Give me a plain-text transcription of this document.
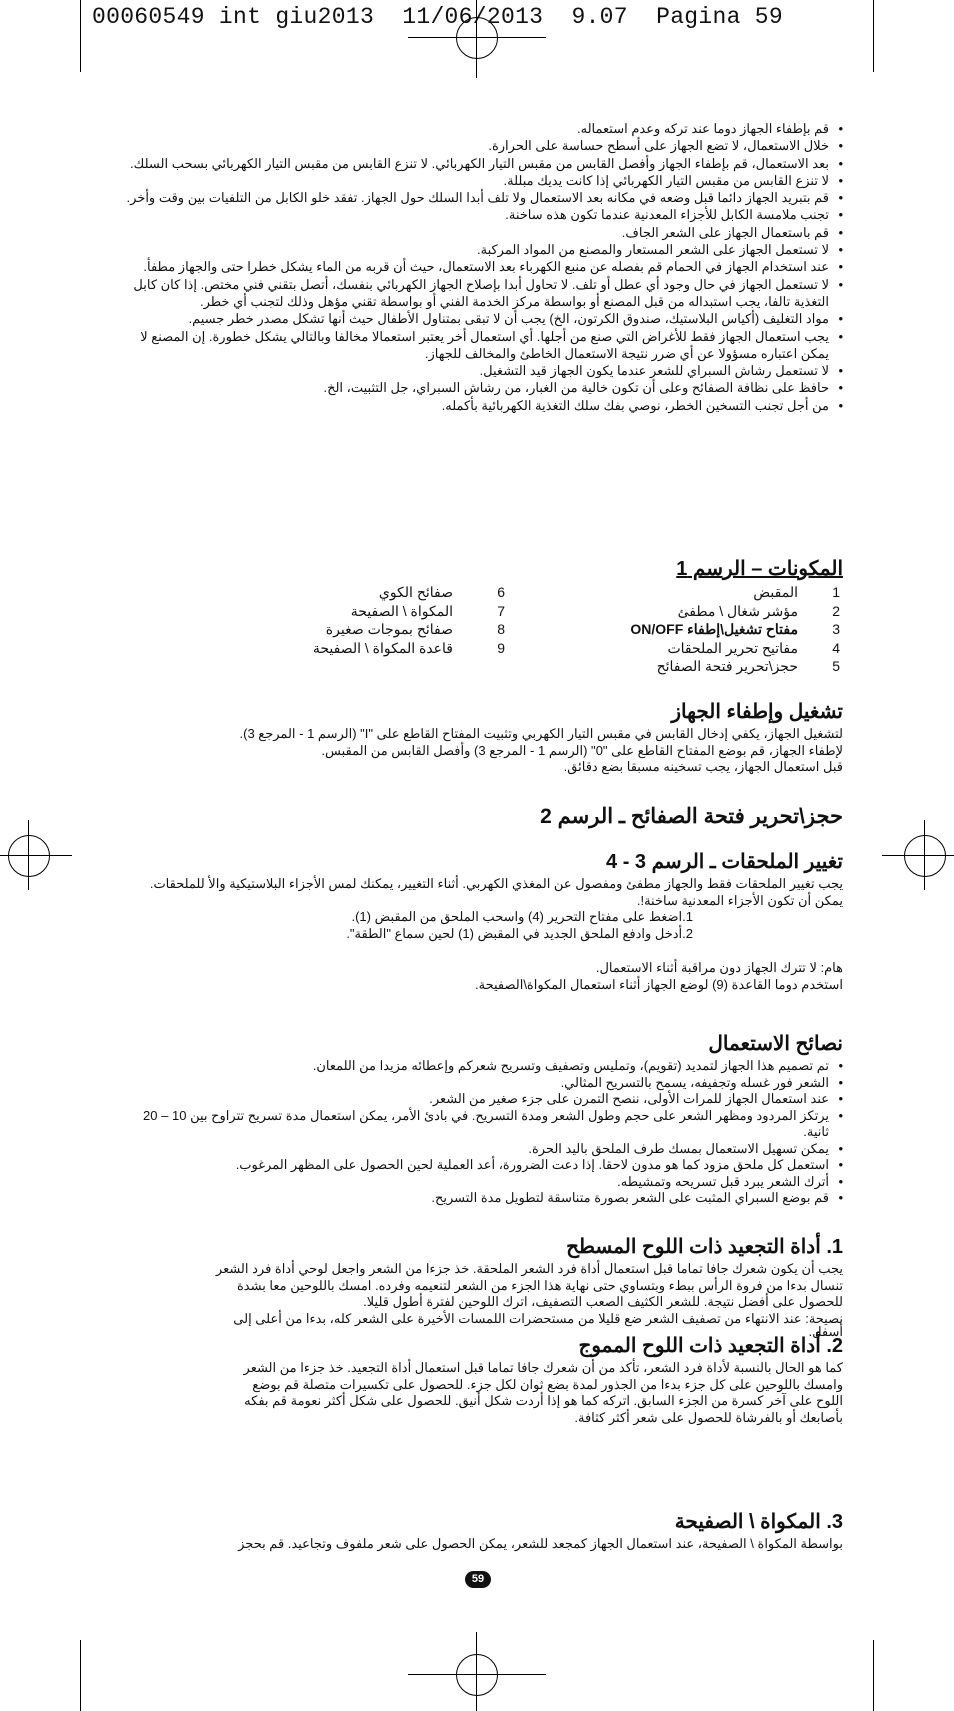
00060549 int giu2013  11/06/2013  9.07  Pagina 59
• قم بإطفاء الجهاز دوما عند تركه وعدم استعماله.
• خلال الاستعمال، لا تضع الجهاز على أسطح حساسة على الحرارة.
• بعد الاستعمال، قم بإطفاء الجهاز وأفصل القابس من مقبس التيار الكهربائي. لا تنزع القابس من مقبس التيار الكهربائي بسحب السلك.
• لا تنزع القابس من مقبس التيار الكهربائي إذا كانت يديك مبللة.
• قم بتبريد الجهاز دائما قبل وضعه في مكانه بعد الاستعمال ولا تلف أبدا السلك حول الجهاز. تفقد خلو الكابل من التلفيات بين وقت وأخر.
• تجنب ملامسة الكابل للأجزاء المعدنية عندما تكون هذه ساخنة.
• قم باستعمال الجهاز على الشعر الجاف.
• لا تستعمل الجهاز على الشعر المستعار والمصنع من المواد المركبة.
• عند استخدام الجهاز في الحمام قم بفصله عن منبع الكهرباء بعد الاستعمال، حيث أن قربه من الماء يشكل خطرا حتى والجهاز مطفأ.
• لا تستعمل الجهاز في حال وجود أي عطل أو تلف. لا تحاول أبدا بإصلاح الجهاز الكهربائي بنفسك، أتصل بتقني فني مختص. إذا كان كابل التغذية تالفا، يجب استبداله من قبل المصنع أو بواسطة مركز الخدمة الفني أو بواسطة تقني مؤهل وذلك لتجنب أي خطر.
• مواد التغليف (أكياس البلاستيك، صندوق الكرتون، الخ) يجب أن لا تبقى بمتناول الأطفال حيث أنها تشكل مصدر خطر جسيم.
• يجب استعمال الجهاز فقط للأغراض التي صنع من أجلها. أي استعمال أخر يعتبر استعمالا مخالفا وبالتالي يشكل خطورة. إن المصنع لا يمكن اعتباره مسؤولا عن أي ضرر نتيجة الاستعمال الخاطئ والمخالف للجهاز.
• لا تستعمل رشاش السبراي للشعر عندما يكون الجهاز قيد التشغيل.
• حافظ على نظافة الصفائح وعلى أن تكون خالية من الغبار، من رشاش السبراي، جل التثبيت، الخ.
• من أجل تجنب التسخين الخطر، نوصي بفك سلك التغذية الكهربائية بأكمله.
المكونات – الرسم 1
1المقبض
2مؤشر شغال \ مطفئ
3مفتاح تشغيل\إطفاء ON/OFF
4مفاتيح تحرير الملحقات
5حجز\تحرير فتحة الصفائح
6صفائح الكوي
7المكواة \ الصفيحة
8صفائح بموجات صغيرة
9قاعدة المكواة \ الصفيحة
تشغيل وإطفاء الجهاز

لتشغيل الجهاز، يكفي إدخال القابس في مقبس التيار الكهربي وتثبيت المفتاح القاطع على "I" (الرسم 1 - المرجع 3).

لإطفاء الجهاز، قم بوضع المفتاح القاطع على "0" (الرسم 1 - المرجع 3) وأفصل القابس من المقبس.

قبل استعمال الجهاز، يجب تسخينه مسبقا بضع دقائق.

حجز\تحرير فتحة الصفائح ـ الرسم 2
تغيير الملحقات ـ الرسم 3 - 4

يجب تغيير الملحقات فقط والجهاز مطفئ ومفصول عن المغذي الكهربي. أثناء التغيير، يمكنك لمس الأجزاء البلاستيكية والأ للملحقات. يمكن أن تكون الأجزاء المعدنية ساخنة!.

1.اضغط على مفتاح التحرير (4) واسحب الملحق من المقبض (1).

2.أدخل وادفع الملحق الجديد في المقبض (1) لحين سماع "الطقة".

هام: لا تترك الجهاز دون مراقبة أثناء الاستعمال.

استخدم دوما القاعدة (9) لوضع الجهاز أثناء استعمال المكواة\الصفيحة.

نصائح الاستعمال
• تم تصميم هذا الجهاز لتمديد (تقويم)، وتمليس وتصفيف وتسريح شعركم وإعطائه مزيدا من اللمعان.
• الشعر فور غسله وتجفيفه، يسمح بالتسريح المثالي.
• عند استعمال الجهاز للمرات الأولى، ننصح التمرن على جزء صغير من الشعر.
• يرتكز المردود ومظهر الشعر على حجم وطول الشعر ومدة التسريح. في بادئ الأمر، يمكن استعمال مدة تسريح تتراوح بين 10 – 20 ثانية.
• يمكن تسهيل الاستعمال بمسك طرف الملحق باليد الحرة.
• استعمل كل ملحق مزود كما هو مدون لاحقا. إذا دعت الضرورة، أعد العملية لحين الحصول على المظهر المرغوب.
• أترك الشعر يبرد قبل تسريحه وتمشيطه.
• قم بوضع السبراي المثبت على الشعر بصورة متناسقة لتطويل مدة التسريح.
1. أداة التجعيد ذات اللوح المسطح

يجب أن يكون شعرك جافا تماما قبل استعمال أداة فرد الشعر الملحقة. خذ جزءا من الشعر واجعل لوحي أداة فرد الشعر

تنسال بدءا من فروة الرأس ببطء وبتساوي حتى نهاية هذا الجزء من الشعر لتنعيمه وفرده. امسك باللوحين معا بشدة

للحصول على أفضل نتيجة. للشعر الكثيف الصعب التصفيف، اترك اللوحين لفترة أطول قليلا.

نصيحة: عند الانتهاء من تصفيف الشعر ضع قليلا من مستحضرات اللمسات الأخيرة على الشعر كله، بدءا من أعلى إلى

أسفل.

2. أداة التجعيد ذات اللوح المموج

كما هو الحال بالنسبة لأداة فرد الشعر، تأكد من أن شعرك جافا تماما قبل استعمال أداة التجعيد. خذ جزءا من الشعر

وامسك باللوحين على كل جزء بدءا من الجذور لمدة بضع ثوان لكل جزء. للحصول على تكسيرات متصلة قم بوضع

اللوح على آخر كسرة من الجزء السابق. اتركه كما هو إذا أردت شكل أنيق. للحصول على شكل أكثر نعومة قم بفكه

بأصابعك أو بالفرشاة للحصول على شعر أكثر كثافة.

3. المكواة \ الصفيحة

بواسطة المكواة \ الصفيحة، عند استعمال الجهاز كمجعد للشعر، يمكن الحصول على شعر ملفوف وتجاعيد. قم بحجز

59
